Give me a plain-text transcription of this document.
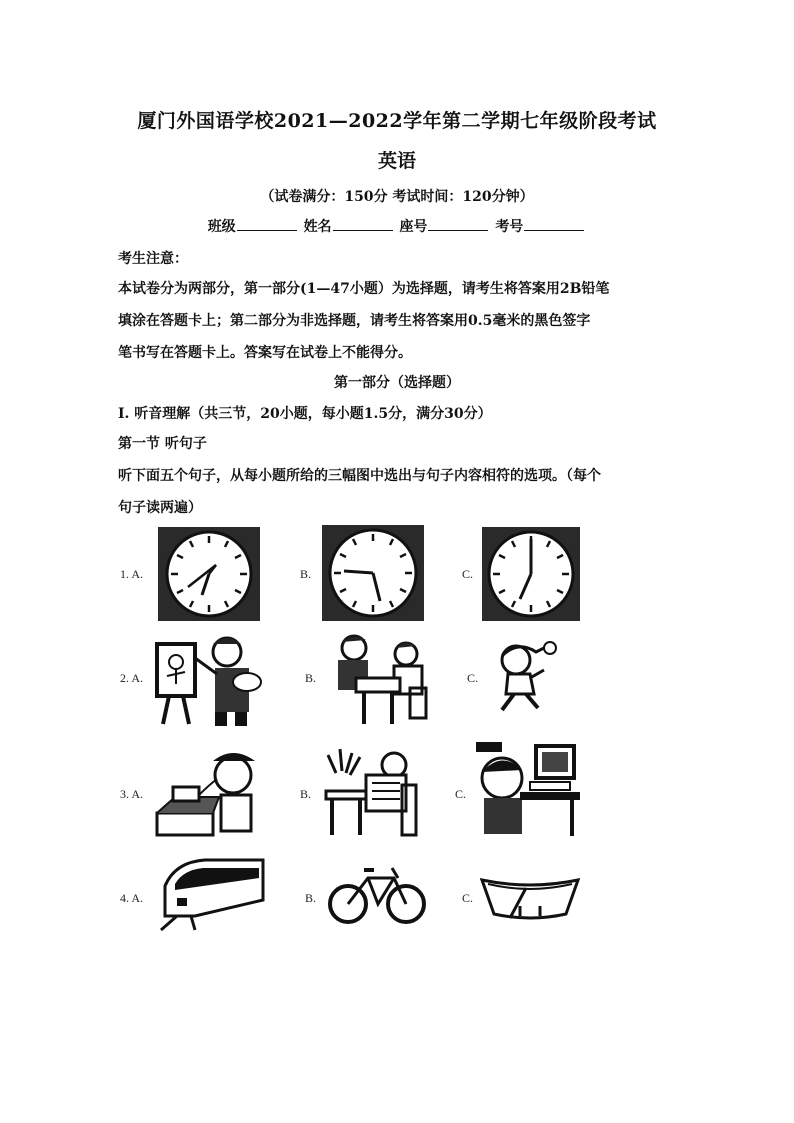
厦门外国语学校2021—2022学年第二学期七年级阶段考试
英语
（试卷满分：150分 考试时间：120分钟）
班级	姓名	座号	考号
考生注意：
本试卷分为两部分，第一部分(1—47小题）为选择题，请考生将答案用2B铅笔
填涂在答题卡上；第二部分为非选择题，请考生将答案用0.5毫米的黑色签字
笔书写在答题卡上。答案写在试卷上不能得分。
第一部分（选择题）
I. 听音理解（共三节，20小题，每小题1.5分，满分30分）
第一节 听句子
听下面五个句子，从每小题所给的三幅图中选出与句子内容相符的选项。（每个
句子读两遍）
1. A.	B.	C.
2. A.	B.	C.
3. A.	B.	C.
4. A.	B.	C.
